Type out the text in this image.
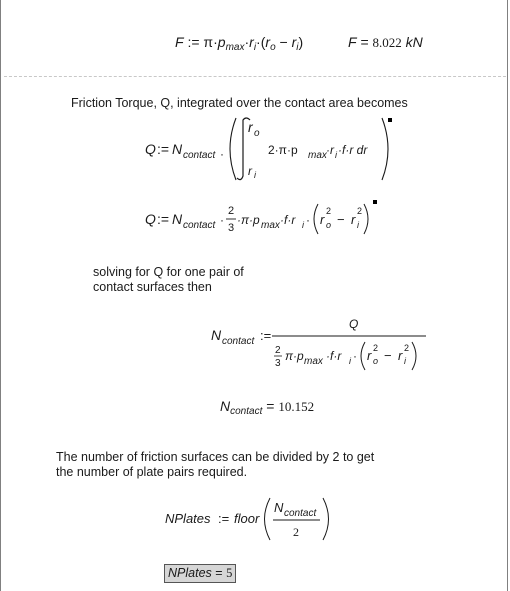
F := $\pi\cdot p_{max}\cdot r_i\cdot(r_o - r_i)$	F = 8.022 kN
Friction Torque, Q, integrated over the contact area becomes
Q := N contact ·
r o
r i
2·π·p max ·r i ·f·r dr
Q := N contact ·
2
3
·π·p max ·f·r i · r o
2
− r i
2
solving for Q for one pair of
contact surfaces then
N contact :=
Q
2
3
π·p max ·f·r i · r o
2 − r i
2
$N_{contact} = 10.152$
The number of friction surfaces can be divided by 2 to get
the number of plate pairs required.
NPlates := floor
N contact
2
NPlates = 5
